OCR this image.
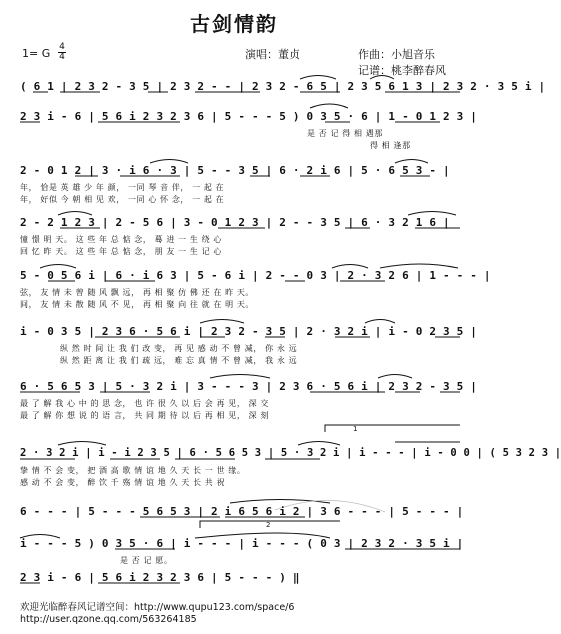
2
1
古剑情韵
1= G 4
4	演唱：董贞	作曲：小旭音乐
记谱：桃李醉春风
( 6 1 | 2 3 2 - 3 5 | 2 3 2 - - | 2 3 2 - 6 5 | 2 3 5 6 1 3 | 2 3 2 · 3 5 i |
2 3 i - 6 | 5 6 i 2 3 2 3 6 | 5 - - - 5 ) 0 3 5 · 6 | 1 - 0 1 2 3 |
是 否 记 得 相 遇那
得 相 逢那
2 - 0 1 2 | 3 · i 6 · 3 | 5 - - 3 5 | 6 · 2 i 6 | 5 · 6 5 3 - |
年， 恰是 英 雄 少 年 颜， 一同 琴 音 伴， 一 起 在
年， 好似 今 朝 相 见 欢， 一同 心 怀 念， 一 起 在
2 - 2 1 2 3 | 2 - 5 6 | 3 - 0 1 2 3 | 2 - - 3 5 | 6 · 3 2 1 6 |
憧 憬 明 天。 这 些 年 总 惦 念， 蓦 进 一 生 绕 心
回 忆 昨 天。 这 些 年 总 惦 念， 朋 友 一 生 记 心
5 - 0 5 6 i | 6 · i 6 3 | 5 - 6 i | 2 - - 0 3 | 2 · 3 2 6 | 1 - - - |
弦， 友 情 未 曾 随 风 飘 远， 再 相 聚 仿 佛 还 在 昨 天。
间， 友 情 未 散 随 风 不 见， 再 相 聚 向 往 就 在 明 天。
i - 0 3 5 | 2 3 6 · 5 6 i | 2 3 2 - 3 5 | 2 · 3 2 i | i - 0 2 3 5 |
纵 然 时 间 让 我 们 改 变， 再 见 感 动 不 曾 减， 你 永 远
纵 然 距 离 让 我 们 疏 远， 难 忘 真 情 不 曾 减， 我 永 远
6 · 5 6 5 3 | 5 · 3 2 i | 3 - - - 3 | 2 3 6 · 5 6 i | 2 3 2 - 3 5 |
最 了 解 我 心 中 的 思 念， 也 许 很 久 以 后 会 再 见， 深 交
最 了 解 你 想 说 的 语 言， 共 同 期 待 以 后 再 相 见， 深 刻
2 · 3 2 i | i - i 2 3 5 | 6 · 5 6 5 3 | 5 · 3 2 i | i - - - | i - 0 0 | ( 5 3 2 3 |
挚 情 不 会 变， 把 酒 高 歌 情 谊 地 久 天 长 一 世 缘。
感 动 不 会 变， 醉 饮 千 殇 情 谊 地 久 天 长 共 祝
6 - - - | 5 - - - 5 6 5 3 | 2 i 6 5 6 i 2 | 3 6 - - - | 5 - - - |
i - - - 5 ) 0 3 5 · 6 | i - - - | i - - - ( 0 3 | 2 3 2 · 3 5 i |
是 否 记 愿。
2 3 i - 6 | 5 6 i 2 3 2 3 6 | 5 - - - ) ‖
欢迎光临醉春风记谱空间：http://www.qupu123.com/space/6
http://user.qzone.qq.com/563264185
